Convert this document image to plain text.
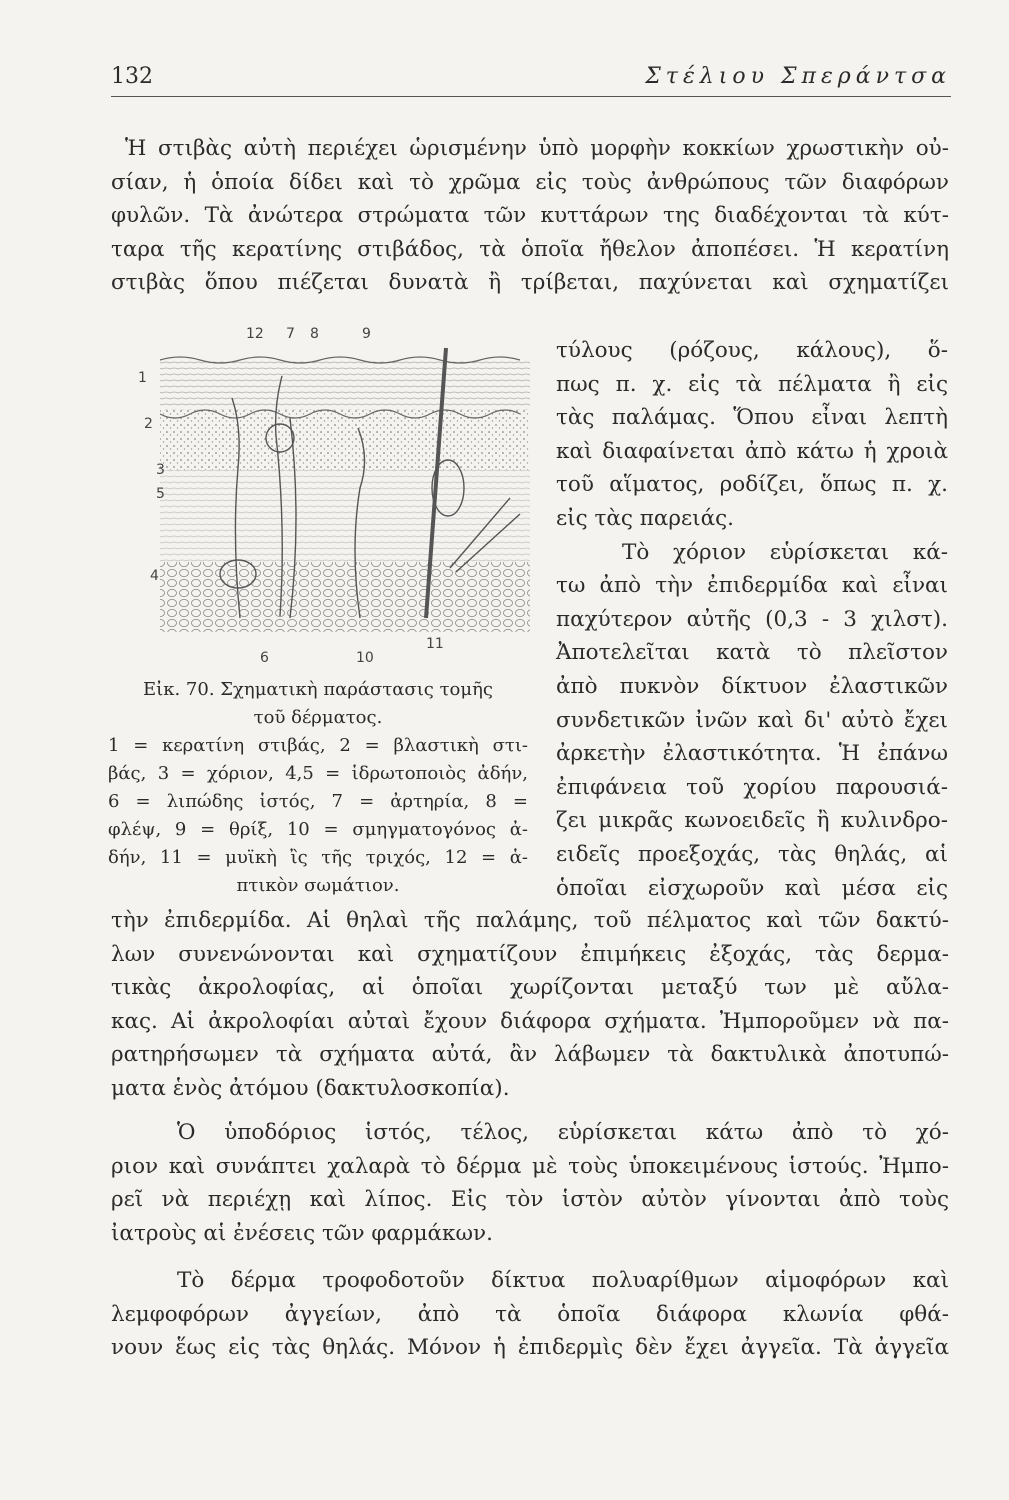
132	Στέλιου Σπεράντσα
Ἡ στιβὰς αὐτὴ περιέχει ὡρισμένην ὑπὸ μορφὴν κοκκίων χρωστικὴν οὐ-
σίαν, ἡ ὁποία δίδει καὶ τὸ χρῶμα εἰς τοὺς ἀνθρώπους τῶν διαφόρων
φυλῶν. Τὰ ἀνώτερα στρώματα τῶν κυττάρων της διαδέχονται τὰ κύτ-
ταρα τῆς κερατίνης στιβάδος, τὰ ὁποῖα ἤθελον ἀποπέσει. Ἡ κερατίνη
στιβὰς ὅπου πιέζεται δυνατὰ ἢ τρίβεται, παχύνεται καὶ σχηματίζει
τύλους (ρόζους, κάλους), ὅ-
πως π. χ. εἰς τὰ πέλματα ἢ εἰς
τὰς παλάμας. Ὅπου εἶναι λεπτὴ
καὶ διαφαίνεται ἀπὸ κάτω ἡ χροιὰ
τοῦ αἵματος, ροδίζει, ὅπως π. χ.
εἰς τὰς παρειάς.
Τὸ χόριον εὑρίσκεται κά-
τω ἀπὸ τὴν ἐπιδερμίδα καὶ εἶναι
παχύτερον αὐτῆς (0,3 - 3 χιλστ).
Ἀποτελεῖται κατὰ τὸ πλεῖστον
ἀπὸ πυκνὸν δίκτυον ἐλαστικῶν
συνδετικῶν ἰνῶν καὶ δι' αὐτὸ ἔχει
ἀρκετὴν ἐλαστικότητα. Ἡ ἐπάνω
ἐπιφάνεια τοῦ χορίου παρουσιά-
ζει μικρᾶς κωνοειδεῖς ἢ κυλινδρο-
ειδεῖς προεξοχάς, τὰς θηλάς, αἱ
ὁποῖαι εἰσχωροῦν καὶ μέσα εἰς
1
2
3
5
4
12 7 8	9
6	10
11
Εἰκ. 70. Σχηματικὴ παράστασις τομῆς
τοῦ δέρματος.
1 = κερατίνη στιβάς, 2 = βλαστικὴ στι-
βάς, 3 = χόριον, 4,5 = ἱδρωτοποιὸς ἀδήν,
6 = λιπώδης ἱστός, 7 = ἀρτηρία, 8 =
φλέψ, 9 = θρίξ, 10 = σμηγματογόνος ἀ-
δήν, 11 = μυϊκὴ ἲς τῆς τριχός, 12 = ἁ-
πτικὸν σωμάτιον.
τὴν ἐπιδερμίδα. Αἱ θηλαὶ τῆς παλάμης, τοῦ πέλματος καὶ τῶν δακτύ-
λων συνενώνονται καὶ σχηματίζουν ἐπιμήκεις ἐξοχάς, τὰς δερμα-
τικὰς ἀκρολοφίας, αἱ ὁποῖαι χωρίζονται μεταξύ των μὲ αὔλα-
κας. Αἱ ἀκρολοφίαι αὐταὶ ἔχουν διάφορα σχήματα. Ἠμποροῦμεν νὰ πα-
ρατηρήσωμεν τὰ σχήματα αὐτά, ἂν λάβωμεν τὰ δακτυλικὰ ἀποτυπώ-
ματα ἑνὸς ἀτόμου (δακτυλοσκοπία).
Ὁ ὑποδόριος ἱστός, τέλος, εὑρίσκεται κάτω ἀπὸ τὸ χό-
ριον καὶ συνάπτει χαλαρὰ τὸ δέρμα μὲ τοὺς ὑποκειμένους ἱστούς. Ἠμπο-
ρεῖ νὰ περιέχῃ καὶ λίπος. Εἰς τὸν ἱστὸν αὐτὸν γίνονται ἀπὸ τοὺς
ἰατροὺς αἱ ἐνέσεις τῶν φαρμάκων.
Τὸ δέρμα τροφοδοτοῦν δίκτυα πολυαρίθμων αἱμοφόρων καὶ
λεμφοφόρων ἀγγείων, ἀπὸ τὰ ὁποῖα διάφορα κλωνία φθά-
νουν ἕως εἰς τὰς θηλάς. Μόνον ἡ ἐπιδερμὶς δὲν ἔχει ἀγγεῖα. Τὰ ἀγγεῖα
